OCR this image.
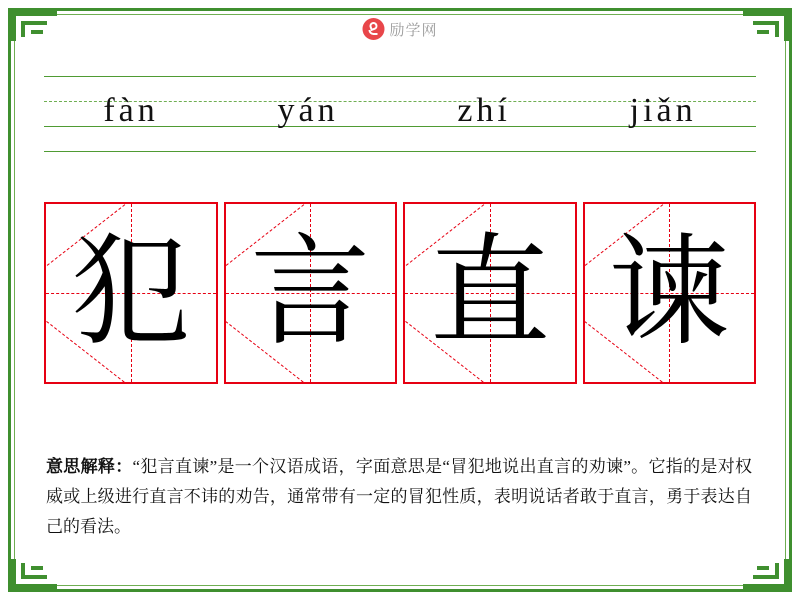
励学网
fàn	yán	zhí	jiǎn
犯 言 直 谏
意思解释：“犯言直谏”是一个汉语成语，字面意思是“冒犯地说出直言的劝谏”。它指的是对权威或上级进行直言不讳的劝告，通常带有一定的冒犯性质，表明说话者敢于直言，勇于表达自己的看法。
